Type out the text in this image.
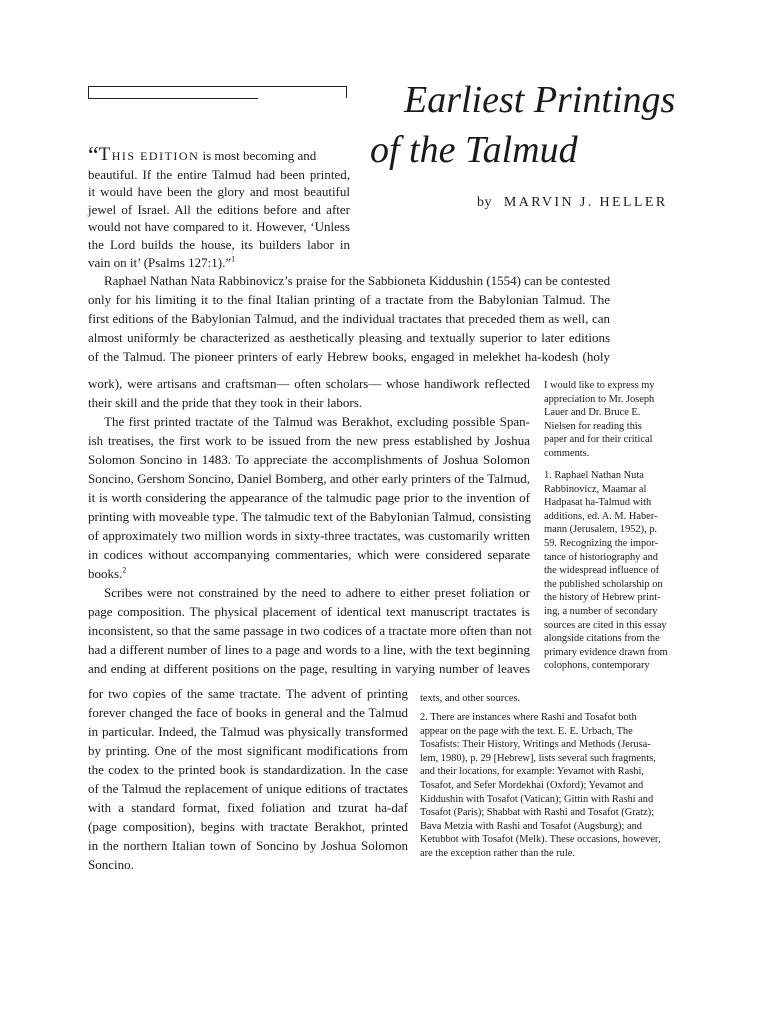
Earliest Printings
of the Talmud
by MARVIN J. HELLER
“THIS EDITION is most becoming and
beautiful. If the entire Talmud had been printed,
it would have been the glory and most beautiful
jewel of Israel. All the editions before and after
would not have compared to it. However, ‘Unless
the Lord builds the house, its builders labor in
vain on it’ (Psalms 127:1).”$^1$
Raphael Nathan Nata Rabbinovicz’s praise for the Sabbioneta Kiddushin (1554) can be contested
only for his limiting it to the final Italian printing of a tractate from the Babylonian Talmud. The
first editions of the Babylonian Talmud, and the individual tractates that preceded them as well, can
almost uniformly be characterized as aesthetically pleasing and textually superior to later editions
of the Talmud. The pioneer printers of early Hebrew books, engaged in melekhet ha-kodesh (holy
work), were artisans and craftsman— often scholars— whose handiwork reflected
their skill and the pride that they took in their labors.
The first printed tractate of the Talmud was Berakhot, excluding possible Span-
ish treatises, the first work to be issued from the new press established by Joshua
Solomon Soncino in 1483. To appreciate the accomplishments of Joshua Solomon
Soncino, Gershom Soncino, Daniel Bomberg, and other early printers of the Talmud,
it is worth considering the appearance of the talmudic page prior to the invention of
printing with moveable type. The talmudic text of the Babylonian Talmud, consisting
of approximately two million words in sixty-three tractates, was customarily written
in codices without accompanying commentaries, which were considered separate
books.$^2$
Scribes were not constrained by the need to adhere to either preset foliation or
page composition. The physical placement of identical text manuscript tractates is
inconsistent, so that the same passage in two codices of a tractate more often than not
had a different number of lines to a page and words to a line, with the text beginning
and ending at different positions on the page, resulting in varying number of leaves
for two copies of the same tractate. The advent of printing
forever changed the face of books in general and the Talmud
in particular. Indeed, the Talmud was physically transformed
by printing. One of the most significant modifications from
the codex to the printed book is standardization. In the case
of the Talmud the replacement of unique editions of tractates
with a standard format, fixed foliation and tzurat ha-daf
(page composition), begins with tractate Berakhot, printed
in the northern Italian town of Soncino by Joshua Solomon
Soncino.
I would like to express my
appreciation to Mr. Joseph
Lauer and Dr. Bruce E.
Nielsen for reading this
paper and for their critical
comments.
1. Raphael Nathan Nuta
Rabbinovicz, Maamar al
Hadpasat ha-Talmud with
additions, ed. A. M. Haber-
mann (Jerusalem, 1952), p.
59. Recognizing the impor-
tance of historiography and
the widespread influence of
the published scholarship on
the history of Hebrew print-
ing, a number of secondary
sources are cited in this essay
alongside citations from the
primary evidence drawn from
colophons, contemporary
texts, and other sources.
2. There are instances where Rashi and Tosafot both
appear on the page with the text. E. E. Urbach, The
Tosafists: Their History, Writings and Methods (Jerusa-
lem, 1980), p. 29 [Hebrew], lists several such fragments,
and their locations, for example: Yevamot with Rashi,
Tosafot, and Sefer Mordekhai (Oxford); Yevamot and
Kiddushin with Tosafot (Vatican); Gittin with Rashi and
Tosafot (Paris); Shabbat with Rashi and Tosafot (Gratz);
Bava Metzia with Rashi and Tosafot (Augsburg); and
Ketubbot with Tosafot (Melk). These occasions, however,
are the exception rather than the rule.
